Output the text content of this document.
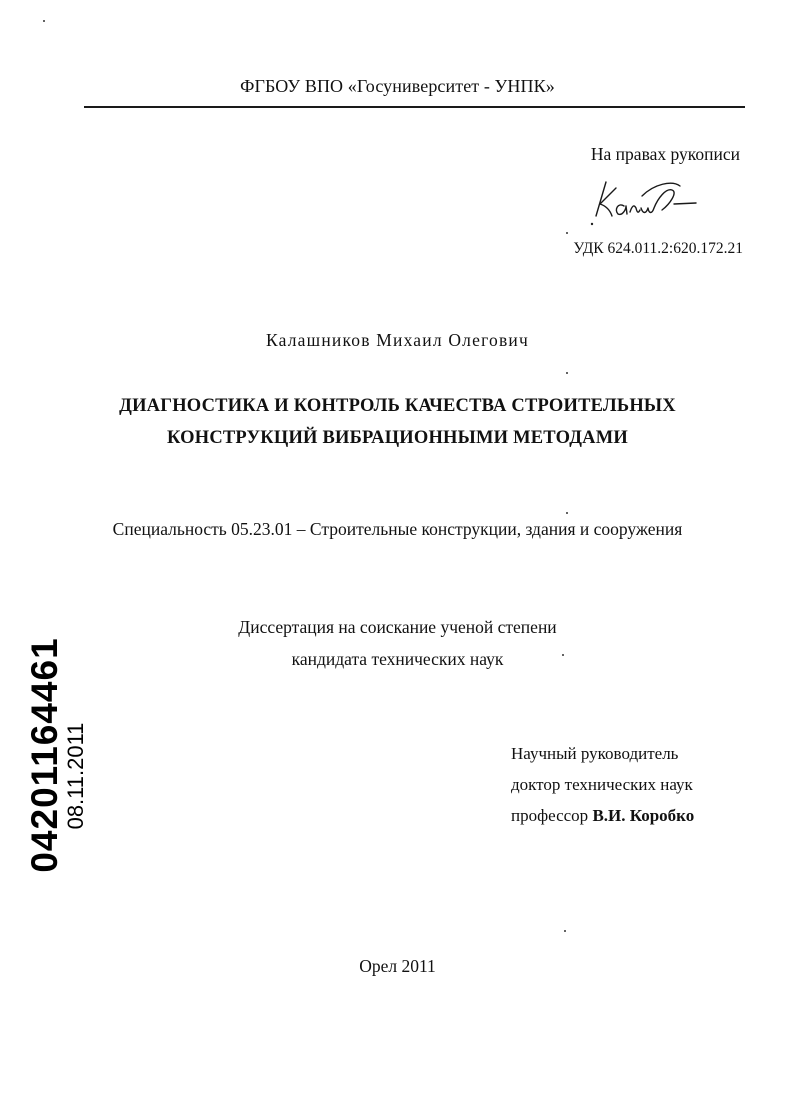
ФГБОУ ВПО «Госуниверситет - УНПК»
На правах рукописи
УДК 624.011.2:620.172.21
Калашников Михаил Олегович
ДИАГНОСТИКА И КОНТРОЛЬ КАЧЕСТВА СТРОИТЕЛЬНЫХ
КОНСТРУКЦИЙ ВИБРАЦИОННЫМИ МЕТОДАМИ
Специальность 05.23.01 – Строительные конструкции, здания и сооружения
Диссертация на соискание ученой степени
кандидата технических наук
Научный руководитель
доктор технических наук
профессор В.И. Коробко
Орел 2011
04201164461
08.11.2011
